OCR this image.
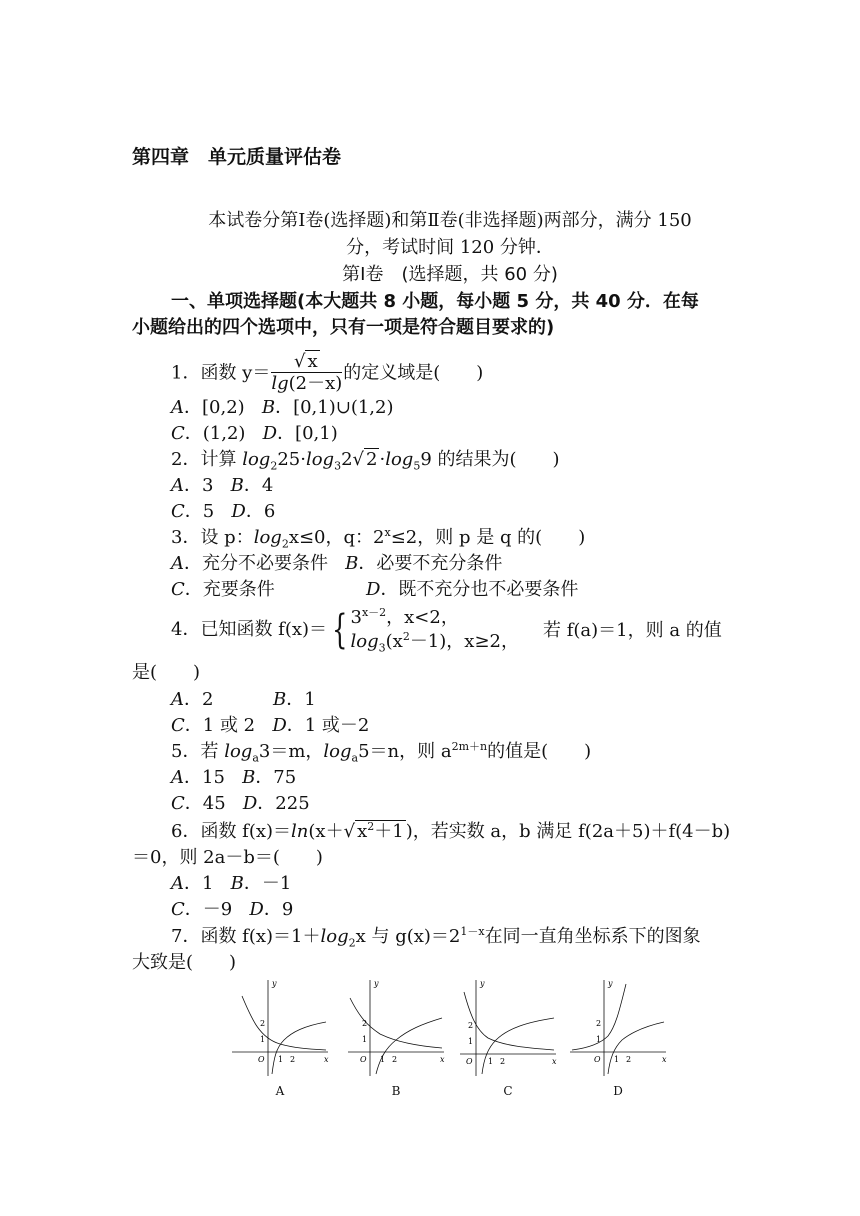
第四章　单元质量评估卷
本试卷分第Ⅰ卷(选择题)和第Ⅱ卷(非选择题)两部分，满分 150
分，考试时间 120 分钟．
第Ⅰ卷　(选择题，共 60 分)
一、单项选择题(本大题共 8 小题，每小题 5 分，共 40 分．在每
小题给出的四个选项中，只有一项是符合题目要求的)
1．函数 $y= \frac{√ x}{\lg(2-x)}$ 的定义域是(　　)
A．[0,2) B．[0,1)∪(1,2)
C．(1,2) D．[0,1)
2．计算 $\log_225\cdot\log_32√$ $2 \cdot\log_59$ 的结果为(　　)
A．3 B．4
C．5 D．6
3．设 p：$\log_2x\le 0$，q：$2^x\le 2$，则 p 是 q 的(　　)
A．充分不必要条件 B．必要不充分条件
C．充要条件	D．既不充分也不必要条件
4．已知函数 f(x)＝ { $3^{x-2}$，x<2，
$\log_3(x^2-1)$，x≥2，
若 f(a)＝1，则 a 的值
是(　　)
A．2	B．1
C．1 或 2 D．1 或－2
5．若 $\log_a3=m$，$\log_a5=n$，则 $a^{2m+n}$的值是(　　)
A．15 B．75
C．45 D．225
6．函数 f(x)＝ln(x＋√ $x^2+1$ )，若实数 a，b 满足 f(2a＋5)＋f(4－b)
＝0，则 2a－b＝(　　)
A．1 B．－1
C．－9 D．9
7．函数 $f(x)=1+\log_2x$ 与 $g(x)=2^{1-x}$在同一直角坐标系下的图象
大致是(　　)
y
x
O
2
1
1 2
A
y
x
O
2
1
1 2
B
y
x
O
2
1
1 2
C
y
x
O
2
1
1 2
D
